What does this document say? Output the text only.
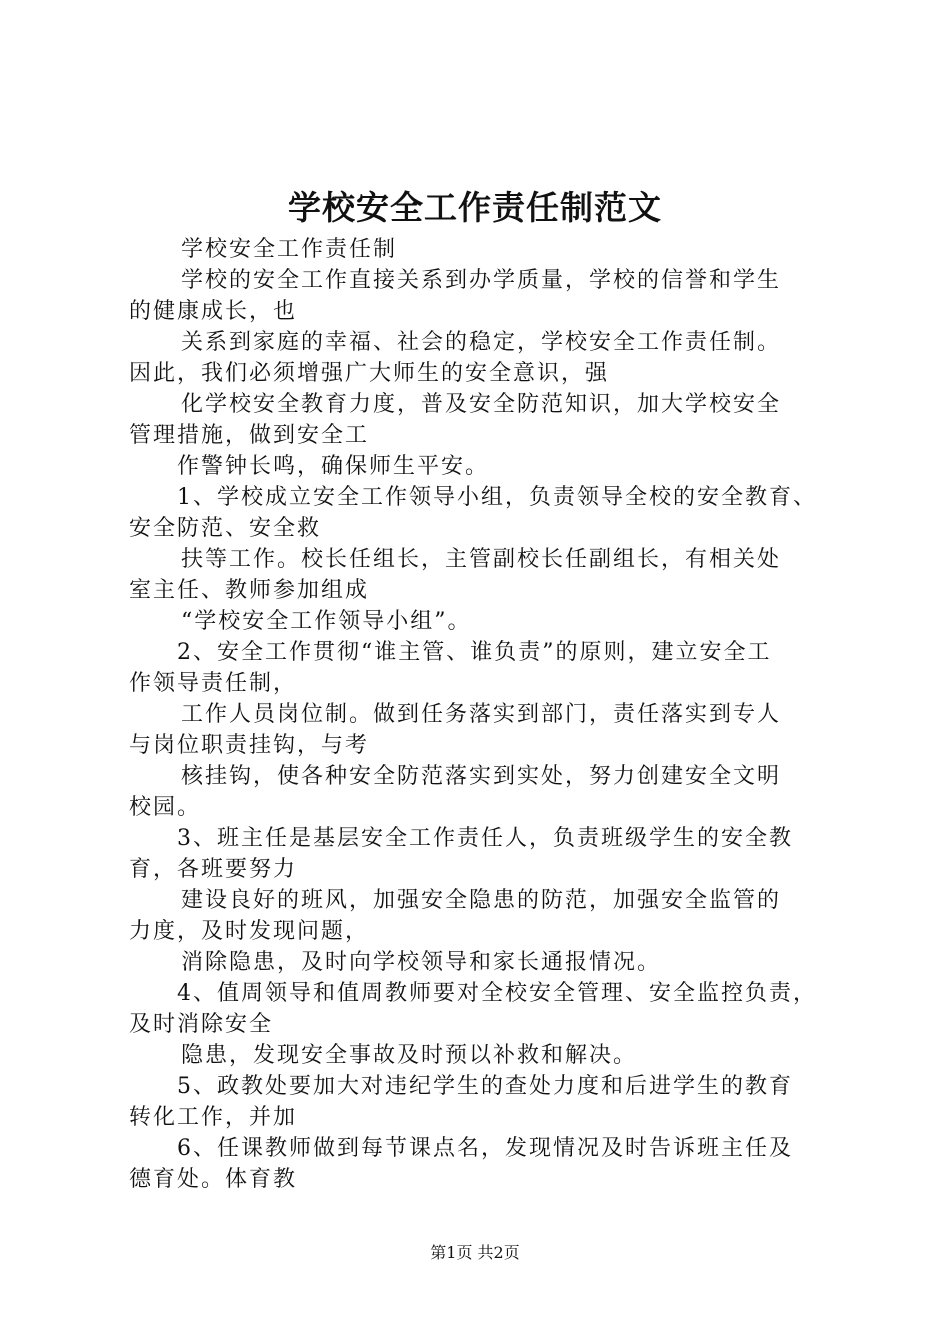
学校安全工作责任制范文
学校安全工作责任制
学校的安全工作直接关系到办学质量，学校的信誉和学生
的健康成长，也
关系到家庭的幸福、社会的稳定，学校安全工作责任制。
因此，我们必须增强广大师生的安全意识，强
化学校安全教育力度，普及安全防范知识，加大学校安全
管理措施，做到安全工
作警钟长鸣，确保师生平安。
1、学校成立安全工作领导小组，负责领导全校的安全教育、
安全防范、安全救
扶等工作。校长任组长，主管副校长任副组长，有相关处
室主任、教师参加组成
“学校安全工作领导小组”。
2、安全工作贯彻“谁主管、谁负责”的原则，建立安全工
作领导责任制，
工作人员岗位制。做到任务落实到部门，责任落实到专人
与岗位职责挂钩，与考
核挂钩，使各种安全防范落实到实处，努力创建安全文明
校园。
3、班主任是基层安全工作责任人，负责班级学生的安全教
育，各班要努力
建设良好的班风，加强安全隐患的防范，加强安全监管的
力度，及时发现问题，
消除隐患，及时向学校领导和家长通报情况。
4、值周领导和值周教师要对全校安全管理、安全监控负责，
及时消除安全
隐患，发现安全事故及时预以补救和解决。
5、政教处要加大对违纪学生的查处力度和后进学生的教育
转化工作，并加
6、任课教师做到每节课点名，发现情况及时告诉班主任及
德育处。体育教
第1页 共2页
